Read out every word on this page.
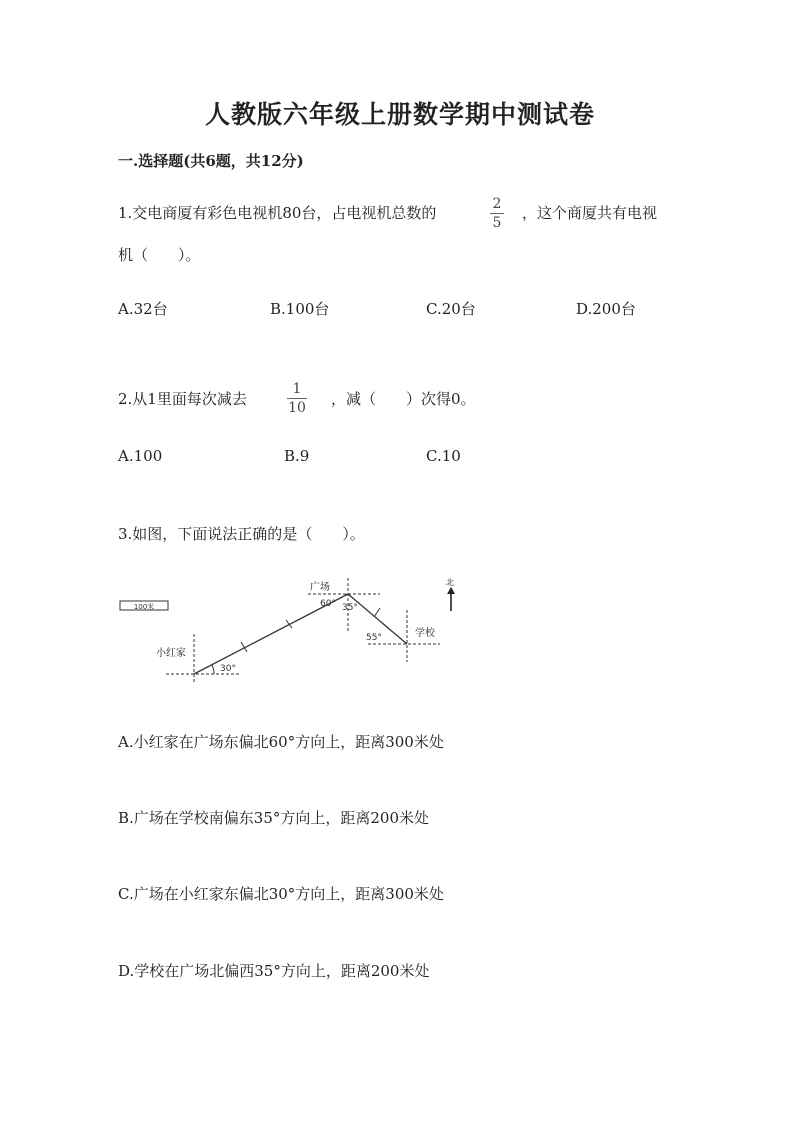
人教版六年级上册数学期中测试卷
一.选择题(共6题，共12分)
1.交电商厦有彩色电视机80台，占电视机总数的	2
5
，这个商厦共有电视
机（　　）。
A.32台	B.100台	C.20台	D.200台
2.从1里面每次减去
1
10 ，减（　　）次得0。
A.100	B.9	C.10
3.如图，下面说法正确的是（　　）。
100米
30°
小红家
广场
60° 35°
55°	学校
北
A.小红家在广场东偏北60°方向上，距离300米处
B.广场在学校南偏东35°方向上，距离200米处
C.广场在小红家东偏北30°方向上，距离300米处
D.学校在广场北偏西35°方向上，距离200米处
